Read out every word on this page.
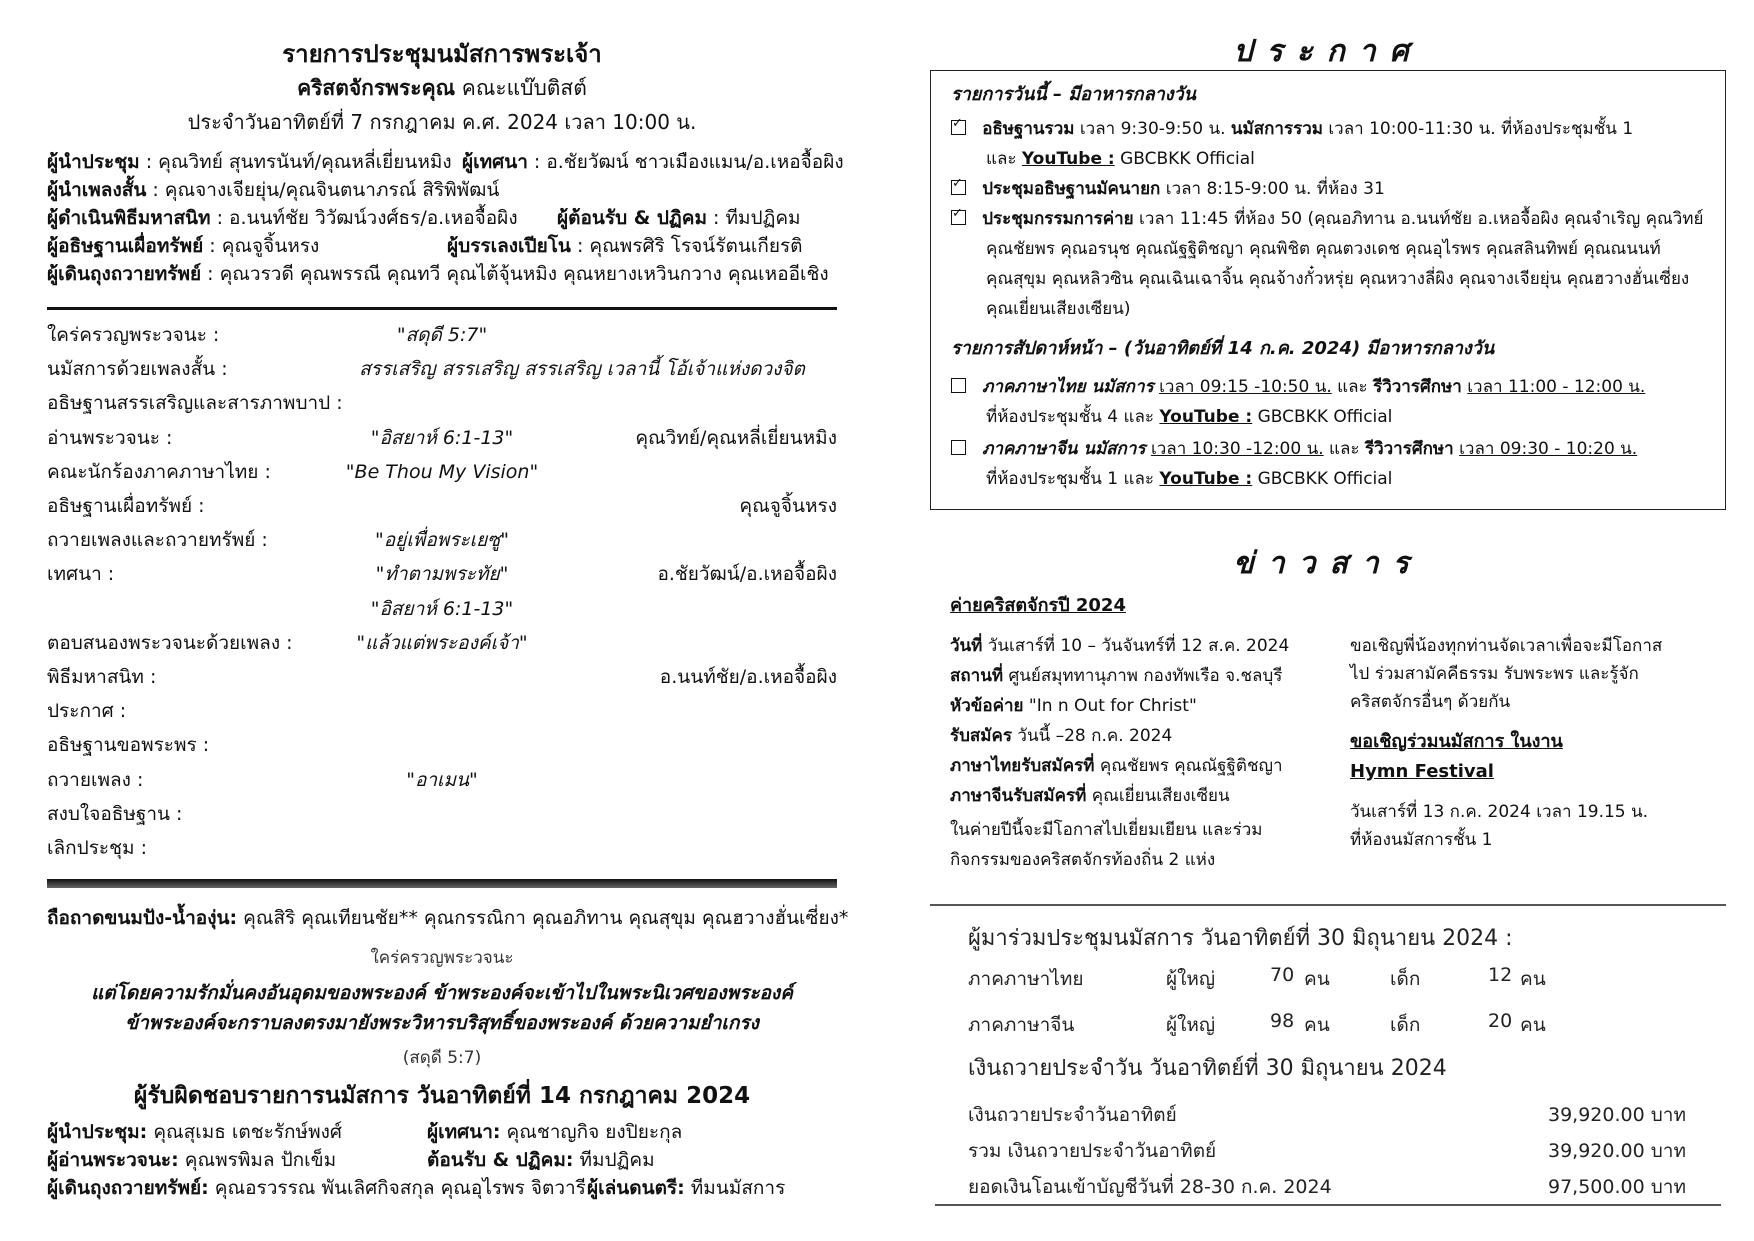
รายการประชุมนมัสการพระเจ้า
คริสตจักรพระคุณ คณะแบ๊บติสต์
ประจำวันอาทิตย์ที่ 7 กรกฎาคม ค.ศ. 2024 เวลา 10:00 น.
ผู้นำประชุม : คุณวิทย์ สุนทรนันท์/คุณหลี่เยี่ยนหมิง ผู้เทศนา : อ.ชัยวัฒน์ ชาวเมืองแมน/อ.เหอจื้อผิง
ผู้นำเพลงสั้น : คุณจางเจียยุ่น/คุณจินตนาภรณ์ สิริพิพัฒน์
ผู้ดำเนินพิธีมหาสนิท : อ.นนท์ชัย วิวัฒน์วงศ์ธร/อ.เหอจื้อผิง ผู้ต้อนรับ & ปฏิคม : ทีมปฏิคม
ผู้อธิษฐานเผื่อทรัพย์ : คุณจูจิ้นหรง	ผู้บรรเลงเปียโน : คุณพรศิริ โรจน์รัตนเกียรติ
ผู้เดินถุงถวายทรัพย์ : คุณวรวดี คุณพรรณี คุณทวี คุณไต้จุ้นหมิง คุณหยางเหวินกวาง คุณเหออีเชิง
ใคร่ครวญพระวจนะ :	"สดุดี 5:7"
นมัสการด้วยเพลงสั้น :	สรรเสริญ สรรเสริญ สรรเสริญ เวลานี้ โอ้เจ้าแห่งดวงจิต
อธิษฐานสรรเสริญและสารภาพบาป :
อ่านพระวจนะ :	"อิสยาห์ 6:1-13"	คุณวิทย์/คุณหลี่เยี่ยนหมิง
คณะนักร้องภาคภาษาไทย :	"Be Thou My Vision"
อธิษฐานเผื่อทรัพย์ :	คุณจูจิ้นหรง
ถวายเพลงและถวายทรัพย์ :	"อยู่เพื่อพระเยซู"
เทศนา :	"ทำตามพระทัย"	อ.ชัยวัฒน์/อ.เหอจื้อผิง
"อิสยาห์ 6:1-13"
ตอบสนองพระวจนะด้วยเพลง :	"แล้วแต่พระองค์เจ้า"
พิธีมหาสนิท :	อ.นนท์ชัย/อ.เหอจื้อผิง
ประกาศ :
อธิษฐานขอพระพร :
ถวายเพลง :	"อาเมน"
สงบใจอธิษฐาน :
เลิกประชุม :
ถือถาดขนมปัง-น้ำองุ่น: คุณสิริ คุณเทียนชัย** คุณกรรณิกา คุณอภิทาน คุณสุขุม คุณฮวางฮั่นเซี่ยง*
ใคร่ครวญพระวจนะ
แต่โดยความรักมั่นคงอันอุดมของพระองค์ ข้าพระองค์จะเข้าไปในพระนิเวศของพระองค์
ข้าพระองค์จะกราบลงตรงมายังพระวิหารบริสุทธิ์ของพระองค์ ด้วยความยำเกรง
(สดุดี 5:7)
ผู้รับผิดชอบรายการนมัสการ วันอาทิตย์ที่ 14 กรกฎาคม 2024
ผู้นำประชุม: คุณสุเมธ เตชะรักษ์พงศ์	ผู้เทศนา: คุณชาญกิจ ยงปิยะกุล
ผู้อ่านพระวจนะ: คุณพรพิมล ปักเข็ม	ต้อนรับ & ปฏิคม: ทีมปฏิคม
ผู้เดินถุงถวายทรัพย์: คุณอรวรรณ พันเลิศกิจสกุล คุณอุไรพร จิตวารี ผู้เล่นดนตรี: ทีมนมัสการ
ประกาศ
รายการวันนี้ – มีอาหารกลางวัน
✓   อธิษฐานรวม เวลา 9:30-9:50 น. นมัสการรวม เวลา 10:00-11:30 น. ที่ห้องประชุมชั้น 1
และ YouTube : GBCBKK Official
✓   ประชุมอธิษฐานมัคนายก เวลา 8:15-9:00 น. ที่ห้อง 31
✓   ประชุมกรรมการค่าย เวลา 11:45 ที่ห้อง 50 (คุณอภิทาน อ.นนท์ชัย อ.เหอจื้อผิง คุณจำเริญ คุณวิทย์
คุณชัยพร คุณอรนุช คุณณัฐฐิติชญา คุณพิชิต คุณตวงเดช คุณอุไรพร คุณสลินทิพย์ คุณณนนท์
คุณสุขุม คุณหลิวซิน คุณเฉินเฉาจิ้น คุณจ้างกั๋วหรุ่ย คุณหวางลี่ผิง คุณจางเจียยุ่น คุณฮวางฮั่นเซี่ยง
คุณเยี่ยนเสียงเซียน)
รายการสัปดาห์หน้า – (วันอาทิตย์ที่ 14 ก.ค. 2024) มีอาหารกลางวัน
ภาคภาษาไทย นมัสการ เวลา 09:15 -10:50 น. และ รีวิวารศึกษา เวลา 11:00 - 12:00 น.
ที่ห้องประชุมชั้น 4 และ YouTube : GBCBKK Official
ภาคภาษาจีน นมัสการ เวลา 10:30 -12:00 น. และ รีวิวารศึกษา เวลา 09:30 - 10:20 น.
ที่ห้องประชุมชั้น 1 และ YouTube : GBCBKK Official
ข่าวสาร
ค่ายคริสตจักรปี 2024
วันที่ วันเสาร์ที่ 10 – วันจันทร์ที่ 12 ส.ค. 2024
สถานที่ ศูนย์สมุททานุภาพ กองทัพเรือ จ.ชลบุรี
หัวข้อค่าย "In n Out for Christ"
รับสมัคร วันนี้ –28 ก.ค. 2024
ภาษาไทยรับสมัครที่ คุณชัยพร คุณณัฐฐิติชญา
ภาษาจีนรับสมัครที่ คุณเยี่ยนเสียงเซียน
ในค่ายปีนี้จะมีโอกาสไปเยี่ยมเยียน และร่วม
กิจกรรมของคริสตจักรท้องถิ่น 2 แห่ง
ขอเชิญพี่น้องทุกท่านจัดเวลาเพื่อจะมีโอกาส
ไป ร่วมสามัคคีธรรม รับพระพร และรู้จัก
คริสตจักรอื่นๆ ด้วยกัน
ขอเชิญร่วมนมัสการ ในงาน
Hymn Festival
วันเสาร์ที่ 13 ก.ค. 2024 เวลา 19.15 น.
ที่ห้องนมัสการชั้น 1
ผู้มาร่วมประชุมนมัสการ วันอาทิตย์ที่ 30 มิถุนายน 2024 :
ภาคภาษาไทย	ผู้ใหญ่	70 คน	เด็ก	12 คน
ภาคภาษาจีน	ผู้ใหญ่	98 คน	เด็ก	20 คน
เงินถวายประจำวัน วันอาทิตย์ที่ 30 มิถุนายน 2024
เงินถวายประจำวันอาทิตย์	39,920.00 บาท
รวม เงินถวายประจำวันอาทิตย์	39,920.00 บาท
ยอดเงินโอนเข้าบัญชีวันที่ 28-30 ก.ค. 2024	97,500.00 บาท
